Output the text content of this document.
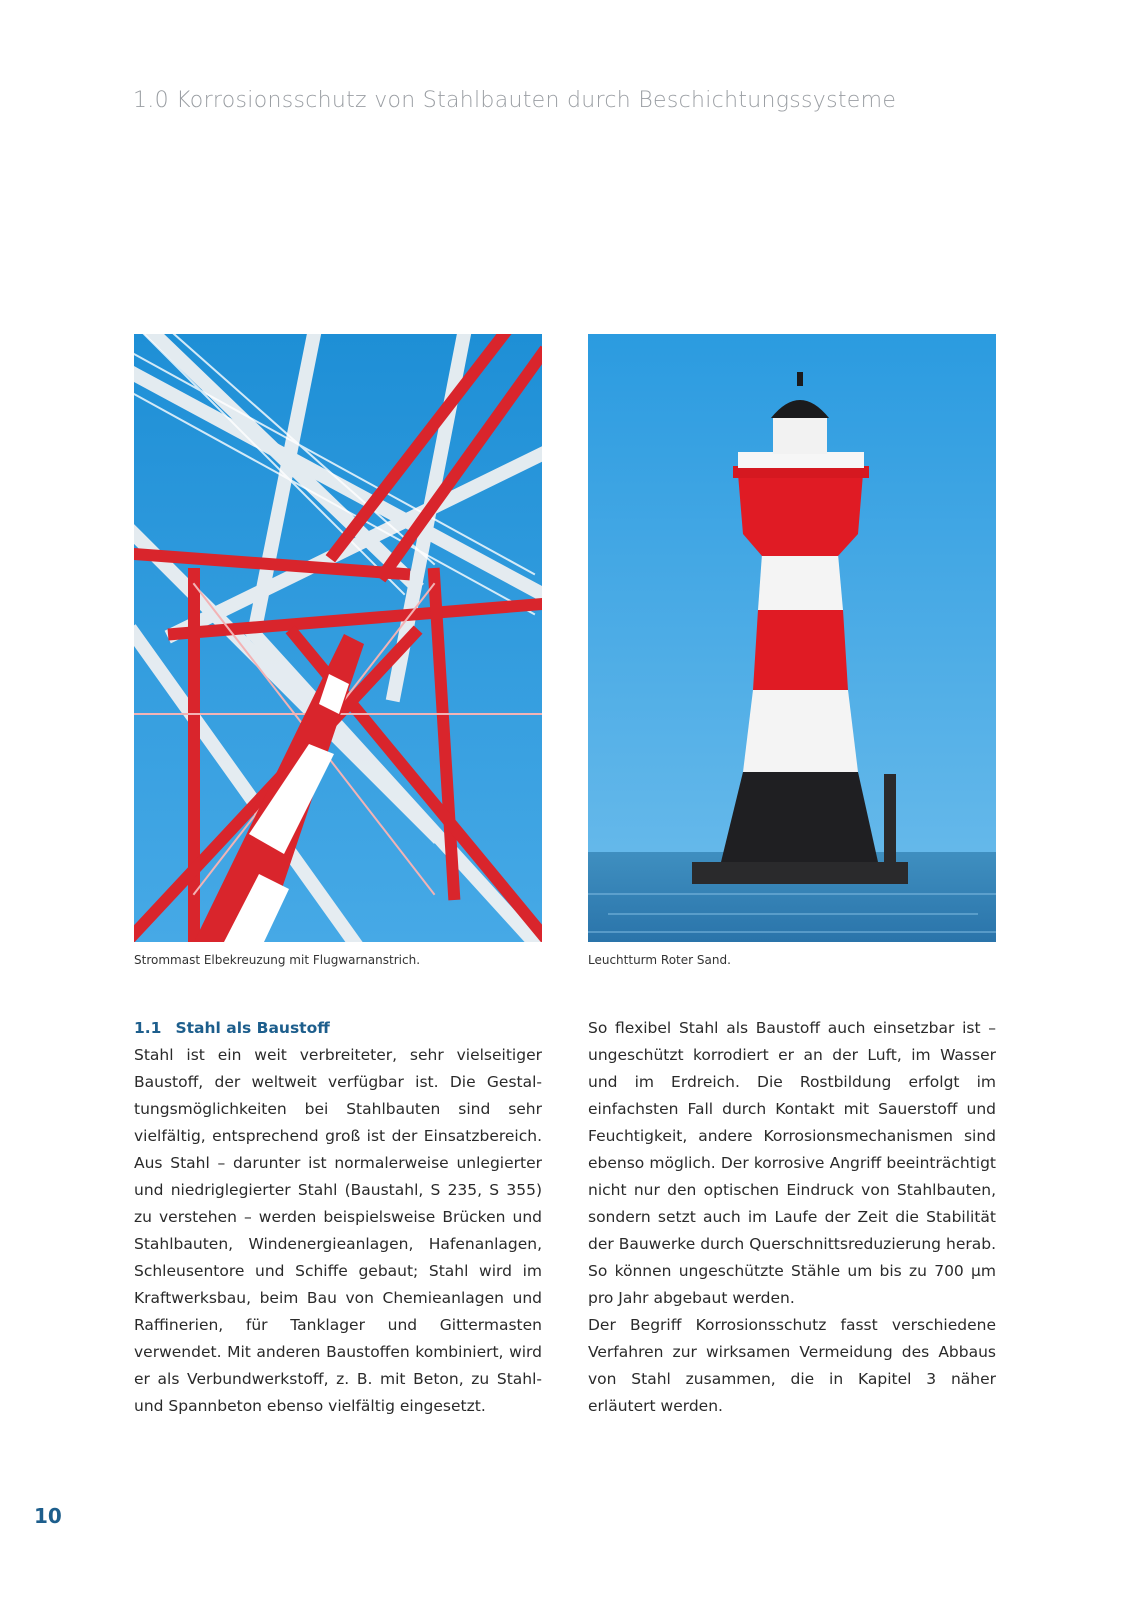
1.0 Korrosionsschutz von Stahlbauten durch Beschichtungssysteme
Strommast Elbekreuzung mit Flugwarnanstrich.	Leuchtturm Roter Sand.
1.1 Stahl als Baustoff

Stahl ist ein weit verbreiteter, sehr vielseitiger Baustoff, der weltweit verfügbar ist. Die Gestaltungsmöglichkeiten bei Stahlbauten sind sehr vielfältig, entsprechend groß ist der Einsatzbereich. Aus Stahl – darunter ist normalerweise unlegierter und niedriglegierter Stahl (Baustahl, S 235, S 355) zu verstehen – werden beispielsweise Brücken und Stahlbauten, Windenergieanlagen, Hafenanlagen, Schleusentore und Schiffe gebaut; Stahl wird im Kraftwerksbau, beim Bau von Chemieanlagen und Raffinerien, für Tanklager und Gittermasten verwendet. Mit anderen Baustoffen kombiniert, wird er als Verbundwerkstoff, z. B. mit Beton, zu Stahl- und Spannbeton ebenso vielfältig eingesetzt.

So flexibel Stahl als Baustoff auch einsetzbar ist – ungeschützt korrodiert er an der Luft, im Wasser und im Erdreich. Die Rostbildung erfolgt im einfachsten Fall durch Kontakt mit Sauerstoff und Feuchtigkeit, andere Korrosionsmechanismen sind ebenso möglich. Der korrosive Angriff beeinträchtigt nicht nur den optischen Eindruck von Stahlbauten, sondern setzt auch im Laufe der Zeit die Stabilität der Bauwerke durch Querschnittsreduzierung herab. So können ungeschützte Stähle um bis zu 700 µm pro Jahr abgebaut werden.

Der Begriff Korrosionsschutz fasst verschiedene Verfahren zur wirksamen Vermeidung des Abbaus von Stahl zusammen, die in Kapitel 3 näher erläutert werden.

10
